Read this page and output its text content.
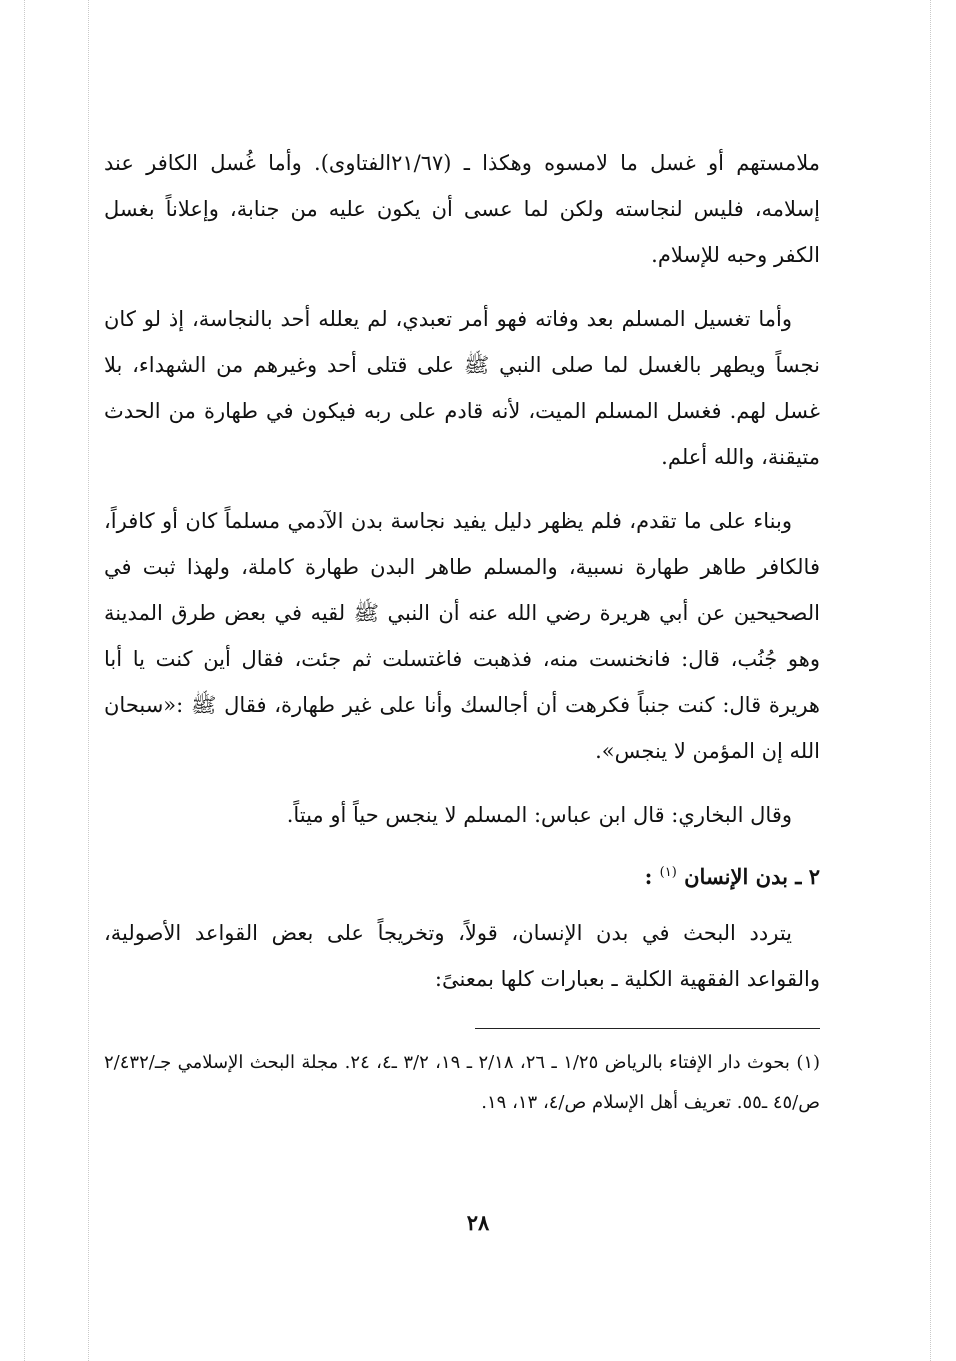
ملامستهم أو غسل ما لامسوه وهكذا ـ (٢١/٦٧الفتاوى). وأما غُسل الكافر عند إسلامه، فليس لنجاسته ولكن لما عسى أن يكون عليه من جنابة، وإعلاناً بغسل الكفر وحبه للإسلام.

وأما تغسيل المسلم بعد وفاته فهو أمر تعبدي، لم يعلله أحد بالنجاسة، إذ لو كان نجساً ويطهر بالغسل لما صلى النبي ﷺ على قتلى أحد وغيرهم من الشهداء، بلا غسل لهم. فغسل المسلم الميت، لأنه قادم على ربه فيكون في طهارة من الحدث متيقنة، والله أعلم.

وبناء على ما تقدم، فلم يظهر دليل يفيد نجاسة بدن الآدمي مسلماً كان أو كافراً، فالكافر طاهر طهارة نسبية، والمسلم طاهر البدن طهارة كاملة، ولهذا ثبت في الصحيحين عن أبي هريرة رضي الله عنه أن النبي ﷺ لقيه في بعض طرق المدينة وهو جُنُب، قال: فانخنست منه، فذهبت فاغتسلت ثم جئت، فقال أين كنت يا أبا هريرة قال: كنت جنباً فكرهت أن أجالسك وأنا على غير طهارة، فقال ﷺ :«سبحان الله إن المؤمن لا ينجس».

وقال البخاري: قال ابن عباس: المسلم لا ينجس حياً أو ميتاً.

٢ ـ بدن الإنسان $^{(١)}$ :

يتردد البحث في بدن الإنسان، قولاً، وتخريجاً على بعض القواعد الأصولية، والقواعد الفقهية الكلية ـ بعبارات كلها بمعنىً:

(١) بحوث دار الإفتاء بالرياض ١/٢٥ ـ ٢٦، ٢/١٨ ـ ١٩، ٣/٢ ـ٤، ٢٤. مجلة البحث الإسلامي جـ/٢/٤٣٢ ص/٤٥ ـ٥٥. تعريف أهل الإسلام ص/٤، ١٣، ١٩.

٢٨
